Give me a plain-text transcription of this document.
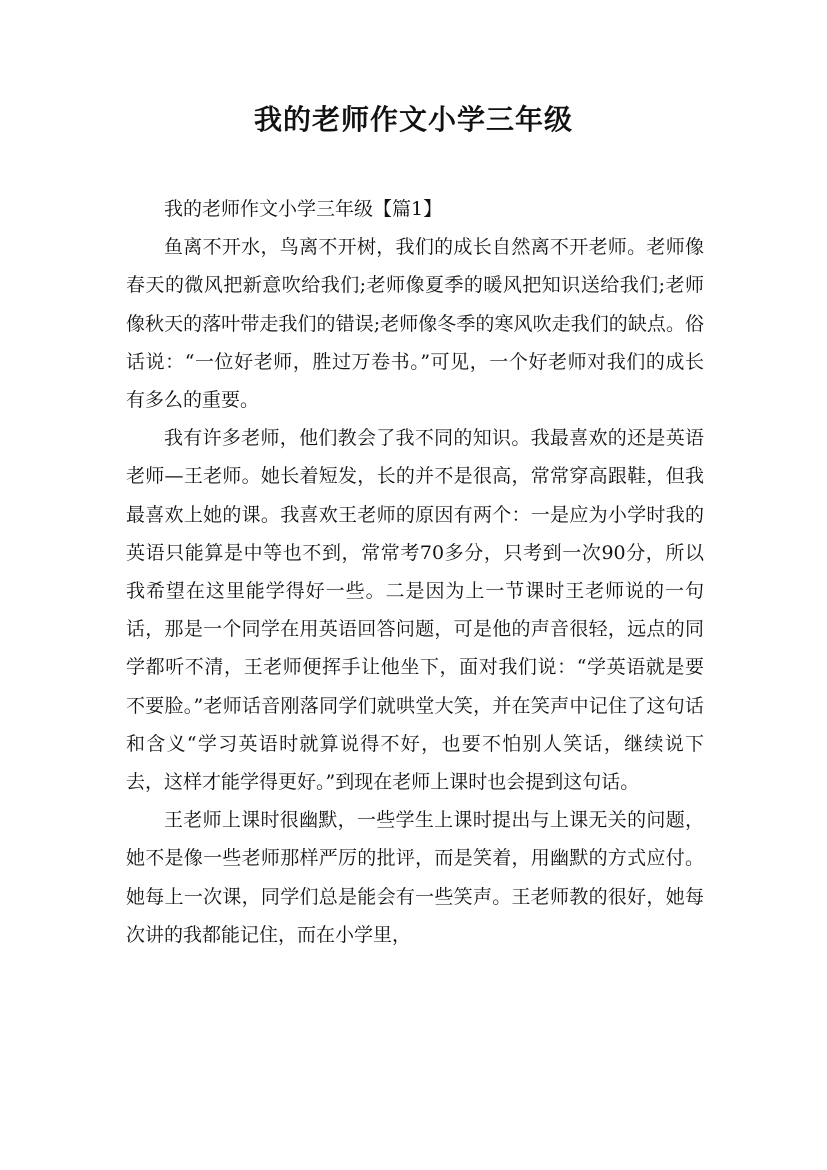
我的老师作文小学三年级

我的老师作文小学三年级【篇1】

鱼离不开水，鸟离不开树，我们的成长自然离不开老师。老师像春天的微风把新意吹给我们;老师像夏季的暖风把知识送给我们;老师像秋天的落叶带走我们的错误;老师像冬季的寒风吹走我们的缺点。俗话说：“一位好老师，胜过万卷书。”可见，一个好老师对我们的成长有多么的重要。

我有许多老师，他们教会了我不同的知识。我最喜欢的还是英语老师—王老师。她长着短发，长的并不是很高，常常穿高跟鞋，但我最喜欢上她的课。我喜欢王老师的原因有两个：一是应为小学时我的英语只能算是中等也不到，常常考70多分，只考到一次90分，所以我希望在这里能学得好一些。二是因为上一节课时王老师说的一句话，那是一个同学在用英语回答问题，可是他的声音很轻，远点的同学都听不清，王老师便挥手让他坐下，面对我们说：“学英语就是要不要脸。”老师话音刚落同学们就哄堂大笑，并在笑声中记住了这句话和含义“学习英语时就算说得不好，也要不怕别人笑话，继续说下去，这样才能学得更好。”到现在老师上课时也会提到这句话。

王老师上课时很幽默，一些学生上课时提出与上课无关的问题，她不是像一些老师那样严厉的批评，而是笑着，用幽默的方式应付。她每上一次课，同学们总是能会有一些笑声。王老师教的很好，她每次讲的我都能记住，而在小学里，
